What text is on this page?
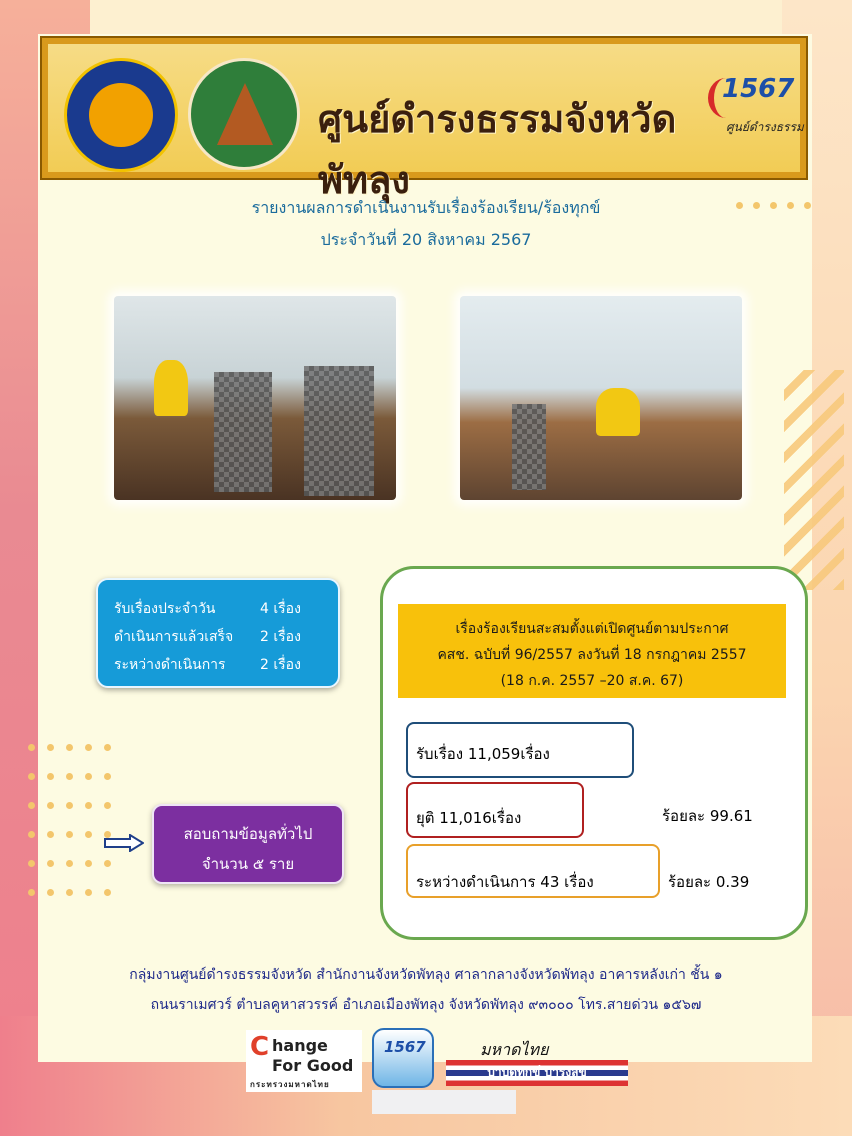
ศูนย์ดำรงธรรมจังหวัดพัทลุง
1567
ศูนย์ดำรงธรรม
รายงานผลการดำเนินงานรับเรื่องร้องเรียน/ร้องทุกข์
ประจำวันที่ 20 สิงหาคม 2567
รับเรื่องประจำวัน	4 เรื่อง
ดำเนินการแล้วเสร็จ 2 เรื่อง
ระหว่างดำเนินการ 2 เรื่อง
เรื่องร้องเรียนสะสมตั้งแต่เปิดศูนย์ตามประกาศ
คสช. ฉบับที่ 96/2557 ลงวันที่ 18 กรกฎาคม 2557
(18 ก.ค. 2557 –20 ส.ค. 67)
รับเรื่อง 11,059เรื่อง
ยุติ 11,016เรื่อง	ร้อยละ 99.61
ระหว่างดำเนินการ 43 เรื่อง	ร้อยละ 0.39
สอบถามข้อมูลทั่วไป
จำนวน ๕ ราย
กลุ่มงานศูนย์ดำรงธรรมจังหวัด สำนักงานจังหวัดพัทลุง ศาลากลางจังหวัดพัทลุง อาคารหลังเก่า ชั้น ๑
ถนนราเมศวร์ ตำบลคูหาสวรรค์ อำเภอเมืองพัทลุง จังหวัดพัทลุง ๙๓๐๐๐ โทร.สายด่วน ๑๕๖๗
C hange
For Good
กระทรวงมหาดไทย
1567	มหาดไทย
บำบัดทุกข์ บำรุงสุข
